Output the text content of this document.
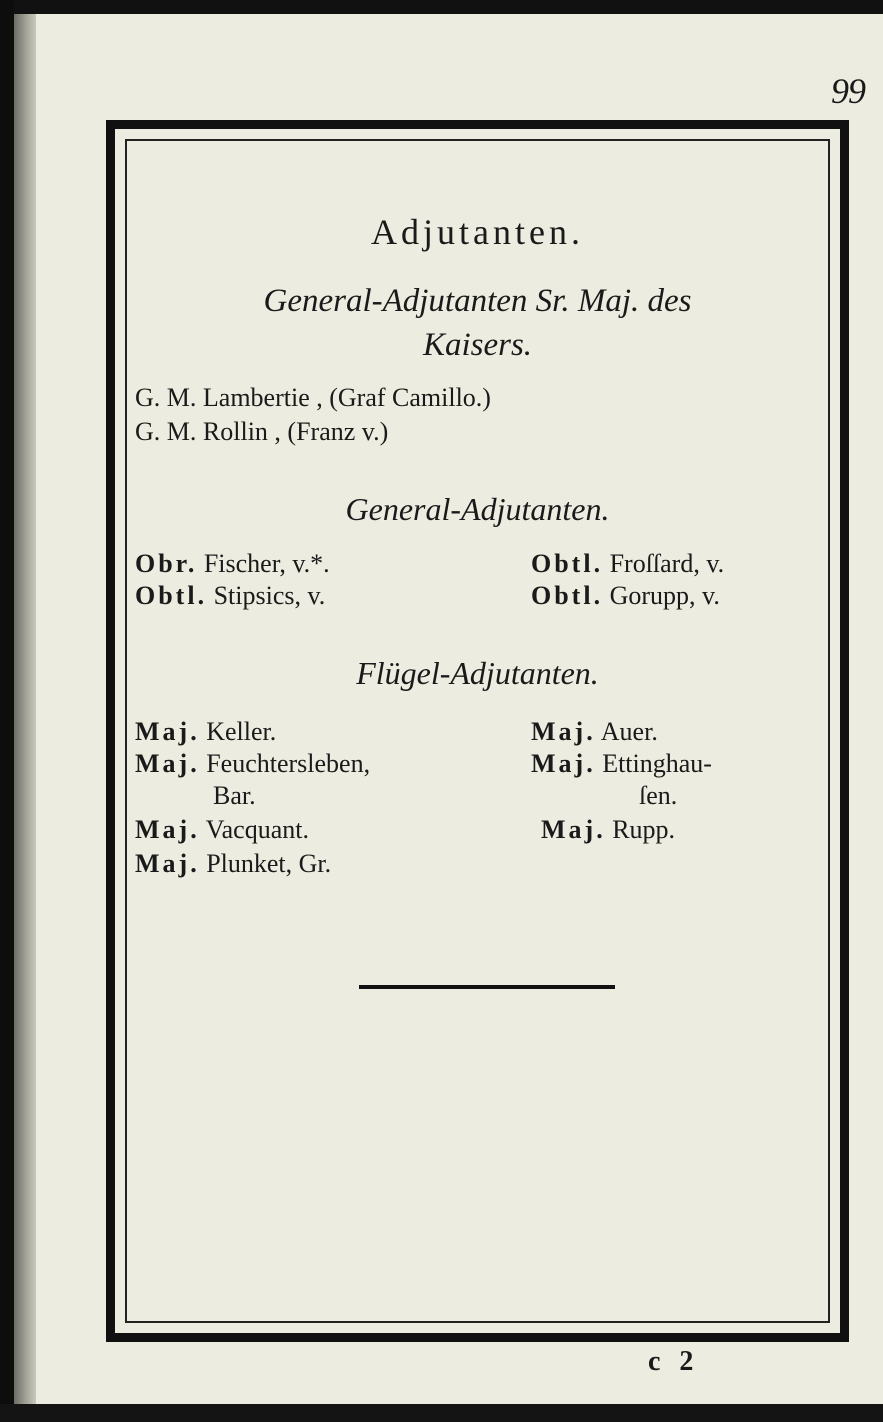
99
Adjutanten.
General-Adjutanten Sr. Maj. des
Kaisers.
G. M. Lambertie , (Graf Camillo.)
G. M. Rollin , (Franz v.)
General-Adjutanten.
Obr. Fischer, v.*.
Obtl. Stipsics, v.
Obtl. Froſſard, v.
Obtl. Gorupp, v.
Flügel-Adjutanten.
Maj. Keller.
Maj. Feuchtersleben,
Bar.
Maj. Vacquant.
Maj. Plunket, Gr.
Maj. Auer.
Maj. Ettinghau-
ſen.
Maj. Rupp.
c 2
